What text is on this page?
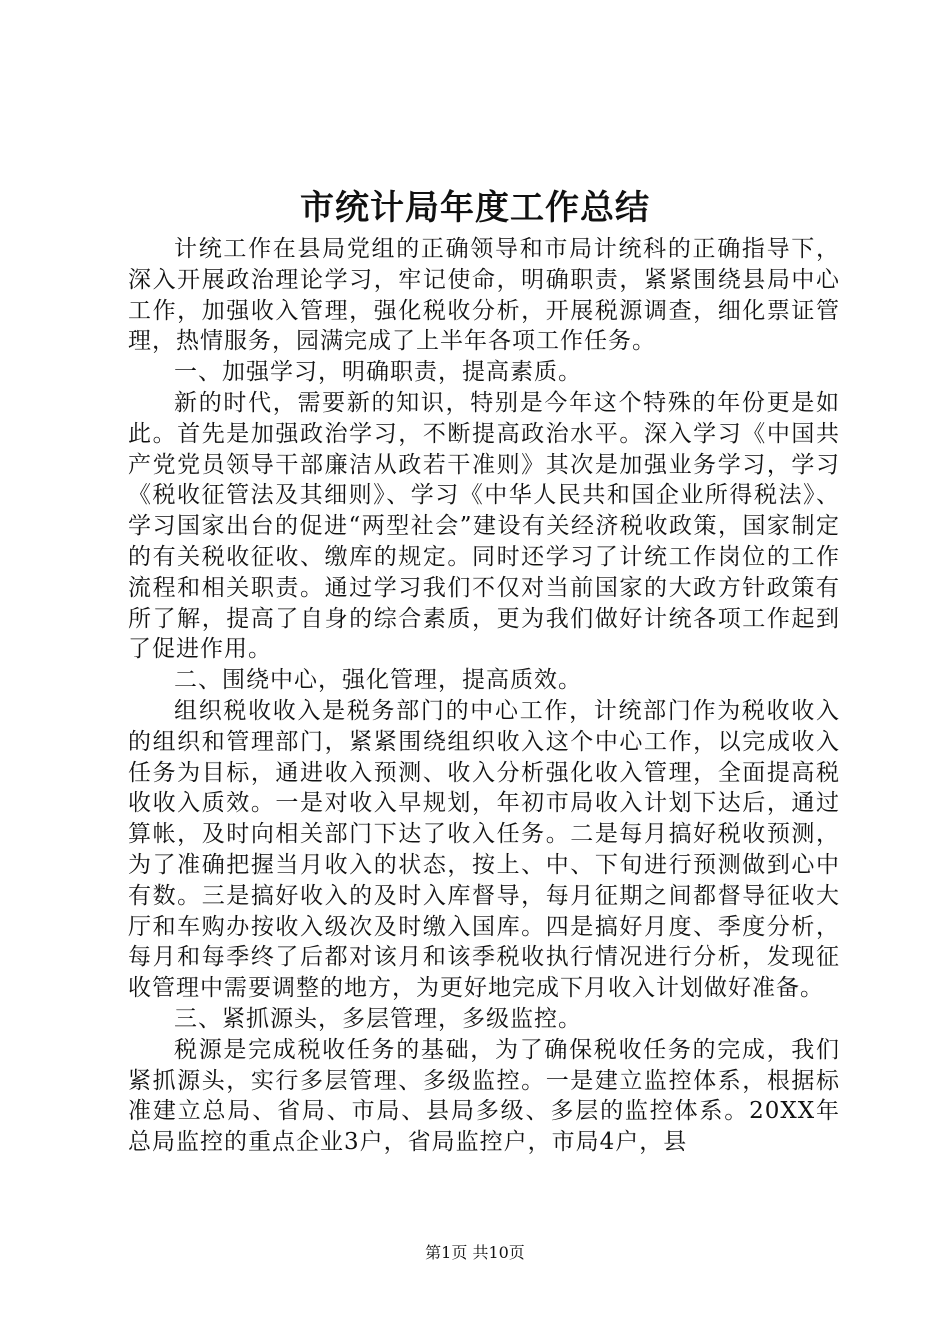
市统计局年度工作总结

计统工作在县局党组的正确领导和市局计统科的正确指导下，深入开展政治理论学习，牢记使命，明确职责，紧紧围绕县局中心工作，加强收入管理，强化税收分析，开展税源调查，细化票证管理，热情服务，园满完成了上半年各项工作任务。

一、加强学习，明确职责，提高素质。

新的时代，需要新的知识，特别是今年这个特殊的年份更是如此。首先是加强政治学习，不断提高政治水平。深入学习《中国共产党党员领导干部廉洁从政若干准则》其次是加强业务学习，学习《税收征管法及其细则》、学习《中华人民共和国企业所得税法》、学习国家出台的促进“两型社会”建设有关经济税收政策，国家制定的有关税收征收、缴库的规定。同时还学习了计统工作岗位的工作流程和相关职责。通过学习我们不仅对当前国家的大政方针政策有所了解，提高了自身的综合素质，更为我们做好计统各项工作起到了促进作用。

二、围绕中心，强化管理，提高质效。

组织税收收入是税务部门的中心工作，计统部门作为税收收入的组织和管理部门，紧紧围绕组织收入这个中心工作，以完成收入任务为目标，通进收入预测、收入分析强化收入管理，全面提高税收收入质效。一是对收入早规划，年初市局收入计划下达后，通过算帐，及时向相关部门下达了收入任务。二是每月搞好税收预测，为了准确把握当月收入的状态，按上、中、下旬进行预测做到心中有数。三是搞好收入的及时入库督导，每月征期之间都督导征收大厅和车购办按收入级次及时缴入国库。四是搞好月度、季度分析，每月和每季终了后都对该月和该季税收执行情况进行分析，发现征收管理中需要调整的地方，为更好地完成下月收入计划做好准备。

三、紧抓源头，多层管理，多级监控。

税源是完成税收任务的基础，为了确保税收任务的完成，我们紧抓源头，实行多层管理、多级监控。一是建立监控体系，根据标准建立总局、省局、市局、县局多级、多层的监控体系。20XX年总局监控的重点企业3户，省局监控户，市局4户，县

第1页 共10页
